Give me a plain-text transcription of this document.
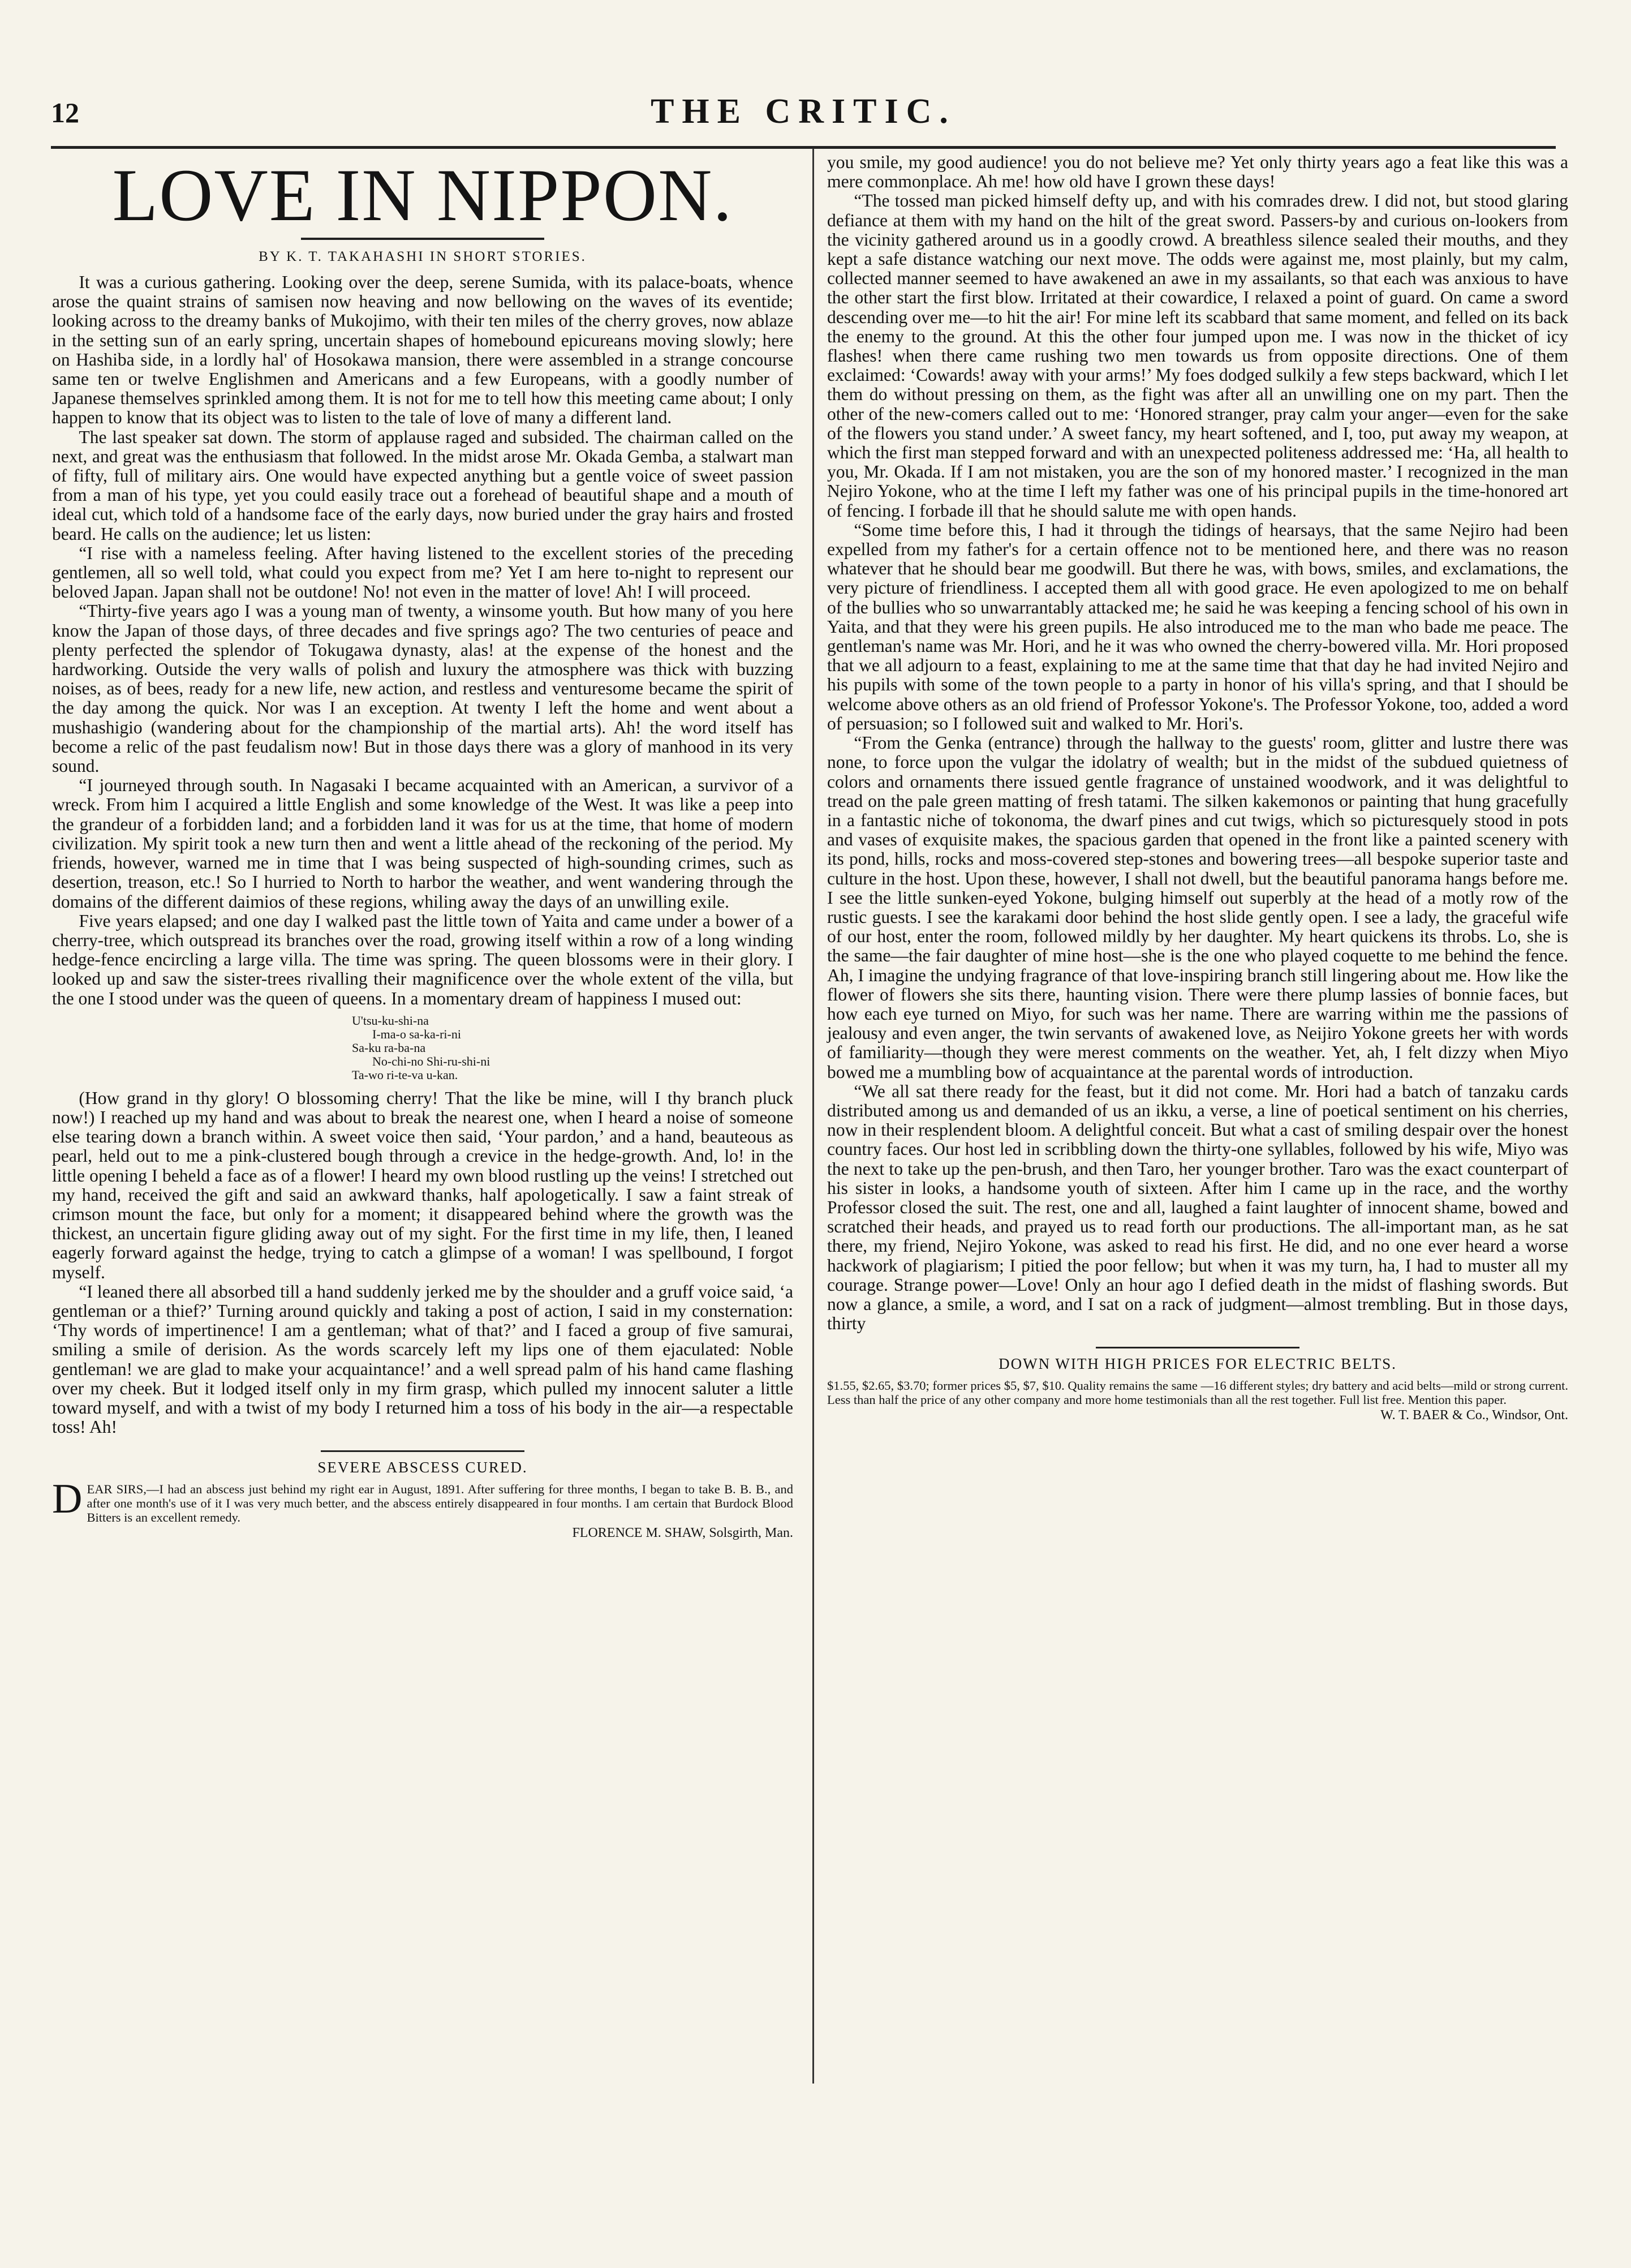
12	THE CRITIC.
LOVE IN NIPPON.
BY K. T. TAKAHASHI IN SHORT STORIES.

It was a curious gathering. Looking over the deep, serene Sumida, with its palace-boats, whence arose the quaint strains of samisen now heaving and now bellowing on the waves of its eventide; looking across to the dreamy banks of Mukojimo, with their ten miles of the cherry groves, now ablaze in the setting sun of an early spring, uncertain shapes of homebound epicureans moving slowly; here on Hashiba side, in a lordly hal' of Hosokawa mansion, there were assembled in a strange concourse same ten or twelve Englishmen and Americans and a few Europeans, with a goodly number of Japanese themselves sprinkled among them. It is not for me to tell how this meeting came about; I only happen to know that its object was to listen to the tale of love of many a different land.

The last speaker sat down. The storm of applause raged and subsided. The chairman called on the next, and great was the enthusiasm that followed. In the midst arose Mr. Okada Gemba, a stalwart man of fifty, full of military airs. One would have expected anything but a gentle voice of sweet passion from a man of his type, yet you could easily trace out a forehead of beautiful shape and a mouth of ideal cut, which told of a handsome face of the early days, now buried under the gray hairs and frosted beard. He calls on the audience; let us listen:

“I rise with a nameless feeling. After having listened to the excellent stories of the preceding gentlemen, all so well told, what could you expect from me? Yet I am here to-night to represent our beloved Japan. Japan shall not be outdone! No! not even in the matter of love! Ah! I will proceed.

“Thirty-five years ago I was a young man of twenty, a winsome youth. But how many of you here know the Japan of those days, of three decades and five springs ago? The two centuries of peace and plenty perfected the splendor of Tokugawa dynasty, alas! at the expense of the honest and the hardworking. Outside the very walls of polish and luxury the atmosphere was thick with buzzing noises, as of bees, ready for a new life, new action, and restless and venturesome became the spirit of the day among the quick. Nor was I an exception. At twenty I left the home and went about a mushashigio (wandering about for the championship of the martial arts). Ah! the word itself has become a relic of the past feudalism now! But in those days there was a glory of manhood in its very sound.

“I journeyed through south. In Nagasaki I became acquainted with an American, a survivor of a wreck. From him I acquired a little English and some knowledge of the West. It was like a peep into the grandeur of a forbidden land; and a forbidden land it was for us at the time, that home of modern civilization. My spirit took a new turn then and went a little ahead of the reckoning of the period. My friends, however, warned me in time that I was being suspected of high-sounding crimes, such as desertion, treason, etc.! So I hurried to North to harbor the weather, and went wandering through the domains of the different daimios of these regions, whiling away the days of an unwilling exile.

Five years elapsed; and one day I walked past the little town of Yaita and came under a bower of a cherry-tree, which outspread its branches over the road, growing itself within a row of a long winding hedge-fence encircling a large villa. The time was spring. The queen blossoms were in their glory. I looked up and saw the sister-trees rivalling their magnificence over the whole extent of the villa, but the one I stood under was the queen of queens. In a momentary dream of happiness I mused out:

U'tsu-ku-shi-na
I-ma-o sa-ka-ri-ni
Sa-ku ra-ba-na
No-chi-no Shi-ru-shi-ni
Ta-wo ri-te-va u-kan.

(How grand in thy glory! O blossoming cherry! That the like be mine, will I thy branch pluck now!) I reached up my hand and was about to break the nearest one, when I heard a noise of someone else tearing down a branch within. A sweet voice then said, ‘Your pardon,’ and a hand, beauteous as pearl, held out to me a pink-clustered bough through a crevice in the hedge-growth. And, lo! in the little opening I beheld a face as of a flower! I heard my own blood rustling up the veins! I stretched out my hand, received the gift and said an awkward thanks, half apologetically. I saw a faint streak of crimson mount the face, but only for a moment; it disappeared behind where the growth was the thickest, an uncertain figure gliding away out of my sight. For the first time in my life, then, I leaned eagerly forward against the hedge, trying to catch a glimpse of a woman! I was spellbound, I forgot myself.

“I leaned there all absorbed till a hand suddenly jerked me by the shoulder and a gruff voice said, ‘a gentleman or a thief?’ Turning around quickly and taking a post of action, I said in my consternation: ‘Thy words of impertinence! I am a gentleman; what of that?’ and I faced a group of five samurai, smiling a smile of derision. As the words scarcely left my lips one of them ejaculated: Noble gentleman! we are glad to make your acquaintance!’ and a well spread palm of his hand came flashing over my cheek. But it lodged itself only in my firm grasp, which pulled my innocent saluter a little toward myself, and with a twist of my body I returned him a toss of his body in the air—a respectable toss! Ah!

SEVERE ABSCESS CURED.

DEAR SIRS,—I had an abscess just behind my right ear in August, 1891. After suffering for three months, I began to take B. B. B., and after one month's use of it I was very much better, and the abscess entirely disappeared in four months. I am certain that Burdock Blood Bitters is an excellent remedy.

FLORENCE M. SHAW, Solsgirth, Man.

you smile, my good audience! you do not believe me? Yet only thirty years ago a feat like this was a mere commonplace. Ah me! how old have I grown these days!

“The tossed man picked himself defty up, and with his comrades drew. I did not, but stood glaring defiance at them with my hand on the hilt of the great sword. Passers-by and curious on-lookers from the vicinity gathered around us in a goodly crowd. A breathless silence sealed their mouths, and they kept a safe distance watching our next move. The odds were against me, most plainly, but my calm, collected manner seemed to have awakened an awe in my assailants, so that each was anxious to have the other start the first blow. Irritated at their cowardice, I relaxed a point of guard. On came a sword descending over me—to hit the air! For mine left its scabbard that same moment, and felled on its back the enemy to the ground. At this the other four jumped upon me. I was now in the thicket of icy flashes! when there came rushing two men towards us from opposite directions. One of them exclaimed: ‘Cowards! away with your arms!’ My foes dodged sulkily a few steps backward, which I let them do without pressing on them, as the fight was after all an unwilling one on my part. Then the other of the new-comers called out to me: ‘Honored stranger, pray calm your anger—even for the sake of the flowers you stand under.’ A sweet fancy, my heart softened, and I, too, put away my weapon, at which the first man stepped forward and with an unexpected politeness addressed me: ‘Ha, all health to you, Mr. Okada. If I am not mistaken, you are the son of my honored master.’ I recognized in the man Nejiro Yokone, who at the time I left my father was one of his principal pupils in the time-honored art of fencing. I forbade ill that he should salute me with open hands.

“Some time before this, I had it through the tidings of hearsays, that the same Nejiro had been expelled from my father's for a certain offence not to be mentioned here, and there was no reason whatever that he should bear me goodwill. But there he was, with bows, smiles, and exclamations, the very picture of friendliness. I accepted them all with good grace. He even apologized to me on behalf of the bullies who so unwarrantably attacked me; he said he was keeping a fencing school of his own in Yaita, and that they were his green pupils. He also introduced me to the man who bade me peace. The gentleman's name was Mr. Hori, and he it was who owned the cherry-bowered villa. Mr. Hori proposed that we all adjourn to a feast, explaining to me at the same time that that day he had invited Nejiro and his pupils with some of the town people to a party in honor of his villa's spring, and that I should be welcome above others as an old friend of Professor Yokone's. The Professor Yokone, too, added a word of persuasion; so I followed suit and walked to Mr. Hori's.

“From the Genka (entrance) through the hallway to the guests' room, glitter and lustre there was none, to force upon the vulgar the idolatry of wealth; but in the midst of the subdued quietness of colors and ornaments there issued gentle fragrance of unstained woodwork, and it was delightful to tread on the pale green matting of fresh tatami. The silken kakemonos or painting that hung gracefully in a fantastic niche of tokonoma, the dwarf pines and cut twigs, which so picturesquely stood in pots and vases of exquisite makes, the spacious garden that opened in the front like a painted scenery with its pond, hills, rocks and moss-covered step-stones and bowering trees—all bespoke superior taste and culture in the host. Upon these, however, I shall not dwell, but the beautiful panorama hangs before me. I see the little sunken-eyed Yokone, bulging himself out superbly at the head of a motly row of the rustic guests. I see the karakami door behind the host slide gently open. I see a lady, the graceful wife of our host, enter the room, followed mildly by her daughter. My heart quickens its throbs. Lo, she is the same—the fair daughter of mine host—she is the one who played coquette to me behind the fence. Ah, I imagine the undying fragrance of that love-inspiring branch still lingering about me. How like the flower of flowers she sits there, haunting vision. There were there plump lassies of bonnie faces, but how each eye turned on Miyo, for such was her name. There are warring within me the passions of jealousy and even anger, the twin servants of awakened love, as Neijiro Yokone greets her with words of familiarity—though they were merest comments on the weather. Yet, ah, I felt dizzy when Miyo bowed me a mumbling bow of acquaintance at the parental words of introduction.

“We all sat there ready for the feast, but it did not come. Mr. Hori had a batch of tanzaku cards distributed among us and demanded of us an ikku, a verse, a line of poetical sentiment on his cherries, now in their resplendent bloom. A delightful conceit. But what a cast of smiling despair over the honest country faces. Our host led in scribbling down the thirty-one syllables, followed by his wife, Miyo was the next to take up the pen-brush, and then Taro, her younger brother. Taro was the exact counterpart of his sister in looks, a handsome youth of sixteen. After him I came up in the race, and the worthy Professor closed the suit. The rest, one and all, laughed a faint laughter of innocent shame, bowed and scratched their heads, and prayed us to read forth our productions. The all-important man, as he sat there, my friend, Nejiro Yokone, was asked to read his first. He did, and no one ever heard a worse hackwork of plagiarism; I pitied the poor fellow; but when it was my turn, ha, I had to muster all my courage. Strange power—Love! Only an hour ago I defied death in the midst of flashing swords. But now a glance, a smile, a word, and I sat on a rack of judgment—almost trembling. But in those days, thirty

DOWN WITH HIGH PRICES FOR ELECTRIC BELTS.

$1.55, $2.65, $3.70; former prices $5, $7, $10. Quality remains the same —16 different styles; dry battery and acid belts—mild or strong current. Less than half the price of any other company and more home testimonials than all the rest together. Full list free. Mention this paper.

W. T. BAER & Co., Windsor, Ont.
